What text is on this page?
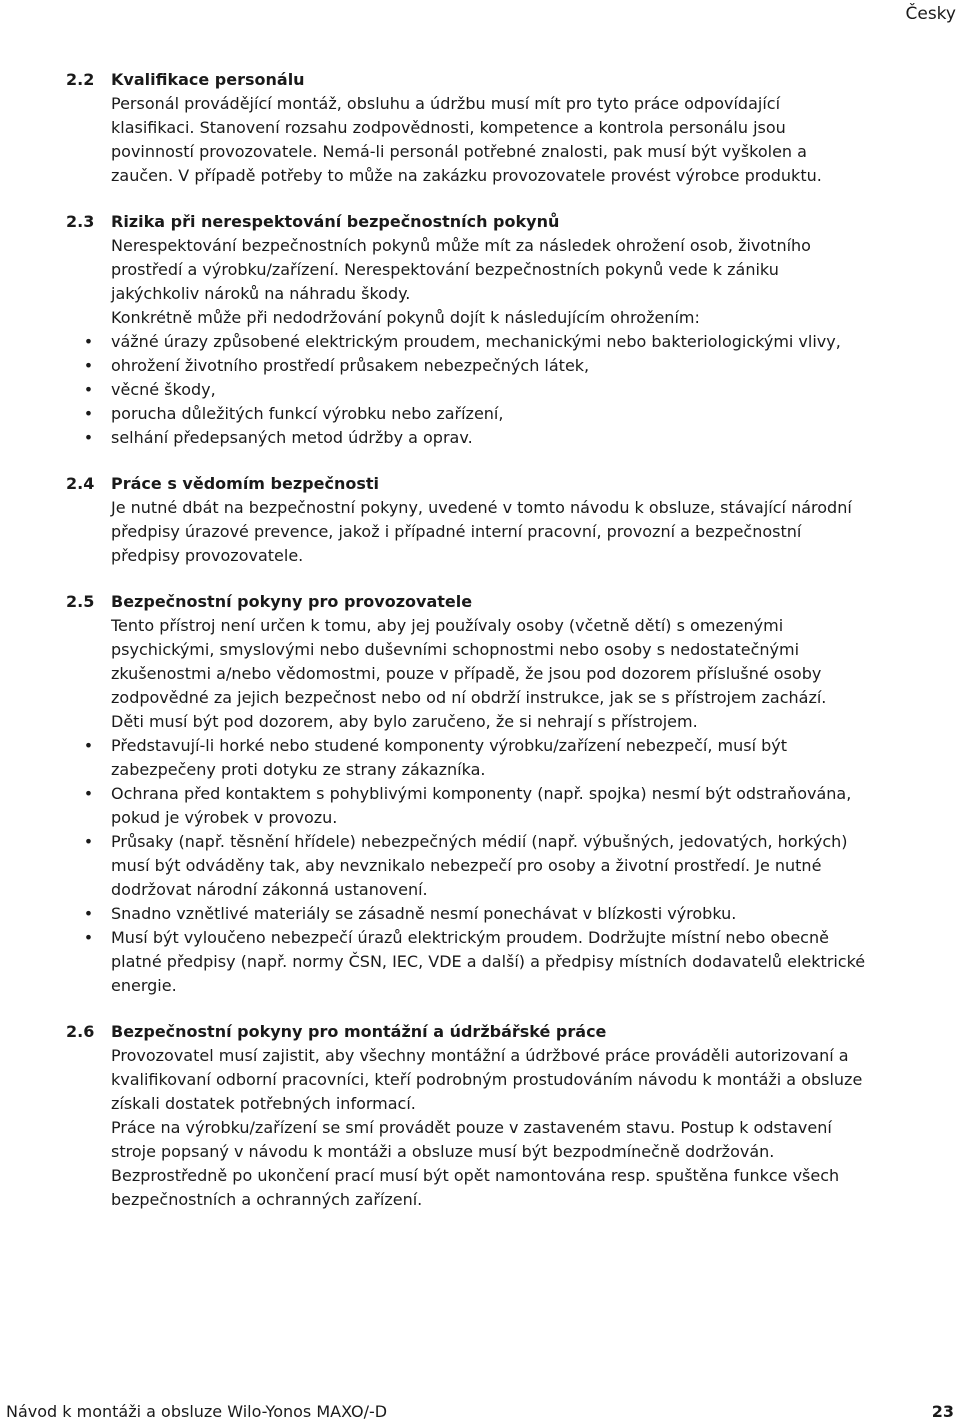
Česky
2.2	Kvalifikace personálu

Personál provádějící montáž, obsluhu a údržbu musí mít pro tyto práce odpovídající klasifikaci. Stanovení rozsahu zodpovědnosti, kompetence a kontrola personálu jsou povinností provozovatele. Nemá-li personál potřebné znalosti, pak musí být vyškolen a zaučen. V případě potřeby to může na zakázku provozovatele provést výrobce produktu.

2.3	Rizika při nerespektování bezpečnostních pokynů

Nerespektování bezpečnostních pokynů může mít za následek ohrožení osob, životního prostředí a výrobku/zařízení. Nerespektování bezpečnostních pokynů vede k zániku jakýchkoliv nároků na náhradu škody.

Konkrétně může při nedodržování pokynů dojít k následujícím ohrožením:

• vážné úrazy způsobené elektrickým proudem, mechanickými nebo bakteriologickými vlivy,
• ohrožení životního prostředí průsakem nebezpečných látek,
• věcné škody,
• porucha důležitých funkcí výrobku nebo zařízení,
• selhání předepsaných metod údržby a oprav.
2.4	Práce s vědomím bezpečnosti

Je nutné dbát na bezpečnostní pokyny, uvedené v tomto návodu k obsluze, stávající národní předpisy úrazové prevence, jakož i případné interní pracovní, provozní a bezpečnostní předpisy provozovatele.

2.5	Bezpečnostní pokyny pro provozovatele

Tento přístroj není určen k tomu, aby jej používaly osoby (včetně dětí) s omezenými psychickými, smyslovými nebo duševními schopnostmi nebo osoby s nedostatečnými zkušenostmi a/nebo vědomostmi, pouze v případě, že jsou pod dozorem příslušné osoby zodpovědné za jejich bezpečnost nebo od ní obdrží instrukce, jak se s přístrojem zachází.

Děti musí být pod dozorem, aby bylo zaručeno, že si nehrají s přístrojem.

• Představují-li horké nebo studené komponenty výrobku/zařízení nebezpečí, musí být zabezpečeny proti dotyku ze strany zákazníka.
• Ochrana před kontaktem s pohyblivými komponenty (např. spojka) nesmí být odstraňována, pokud je výrobek v provozu.
• Průsaky (např. těsnění hřídele) nebezpečných médií (např. výbušných, jedovatých, horkých) musí být odváděny tak, aby nevznikalo nebezpečí pro osoby a životní prostředí. Je nutné dodržovat národní zákonná ustanovení.
• Snadno vznětlivé materiály se zásadně nesmí ponechávat v blízkosti výrobku.
• Musí být vyloučeno nebezpečí úrazů elektrickým proudem. Dodržujte místní nebo obecně platné předpisy (např. normy ČSN, IEC, VDE a další) a předpisy místních dodavatelů elektrické energie.
2.6	Bezpečnostní pokyny pro montážní a údržbářské práce

Provozovatel musí zajistit, aby všechny montážní a údržbové práce prováděli autorizovaní a kvalifikovaní odborní pracovníci, kteří podrobným prostudováním návodu k montáži a obsluze získali dostatek potřebných informací.

Práce na výrobku/zařízení se smí provádět pouze v zastaveném stavu. Postup k odstavení stroje popsaný v návodu k montáži a obsluze musí být bezpodmínečně dodržován.

Bezprostředně po ukončení prací musí být opět namontována resp. spuštěna funkce všech bezpečnostních a ochranných zařízení.

Návod k montáži a obsluze Wilo-Yonos MAXO/-D	23
